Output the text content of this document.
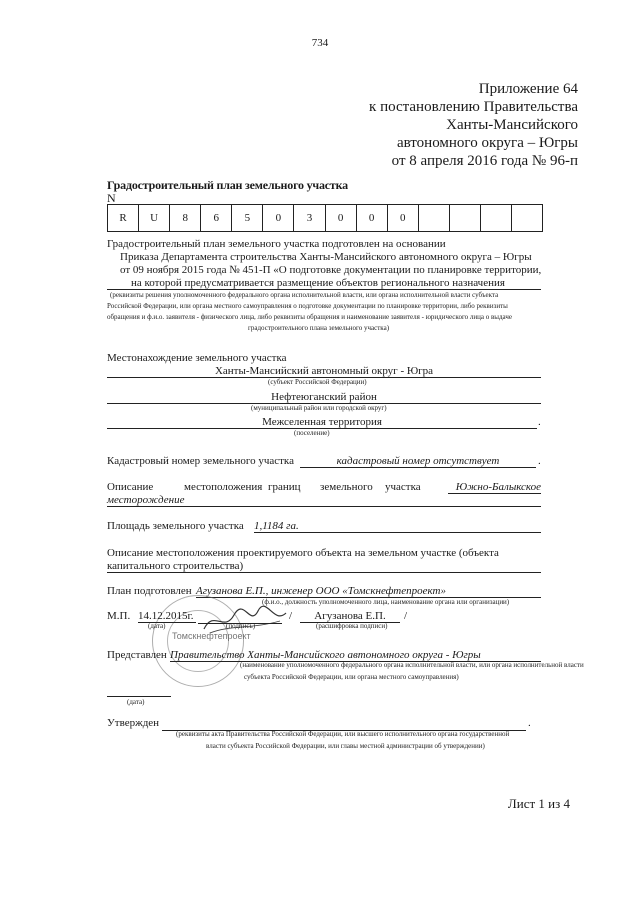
734
Приложение 64
к постановлению Правительства
Ханты-Мансийского
автономного округа – Югры
от 8 апреля 2016 года № 96-п
Градостроительный план земельного участка
N
R	U	8	6	5	0	3	0	0	0
Градостроительный план земельного участка подготовлен на основании
Приказа Департамента строительства Ханты-Мансийского автономного округа – Югры
от 09 ноября 2015 года № 451-П «О подготовке документации по планировке территории,
на которой предусматривается размещение объектов регионального назначения
(реквизиты решения уполномоченного федерального органа исполнительной власти, или органа исполнительной власти субъекта
Российской Федерации, или органа местного самоуправления о подготовке документации по планировке территории, либо реквизиты
обращения и ф.и.о. заявителя - физического лица, либо реквизиты обращения и наименование заявителя - юридического лица о выдаче
градостроительного плана земельного участка)
Местонахождение земельного участка
Ханты-Мансийский автономный округ - Югра
(субъект Российской Федерации)
Нефтеюганский район
(муниципальный район или городской округ)
Межселенная территория	.
(поселение)
Кадастровый номер земельного участка	кадастровый номер отсутствует	.
Описание	местоположения границ земельного участка	Южно-Балыкское
месторождение
Площадь земельного участка 1,1184 га.
Описание местоположения проектируемого объекта на земельном участке (объекта
капитального строительства)
План подготовлен Агузанова Е.П., инженер ООО «Томскнефтепроект»
(ф.и.о., должность уполномоченного лица, наименование органа или организации)
Томскнефтепроект
М.П. 14.12.2015г.
(дата)	(подпись)
/	Агузанова Е.П.	/
(расшифровка подписи)
Представлен Правительство Ханты-Мансийского автономного округа - Югры
(наименование уполномоченного федерального органа исполнительной власти, или органа исполнительной власти
субъекта Российской Федерации, или органа местного самоуправления)
(дата)
Утвержден	.
(реквизиты акта Правительства Российской Федерации, или высшего исполнительного органа государственной
власти субъекта Российской Федерации, или главы местной администрации об утверждении)
Лист 1 из 4
